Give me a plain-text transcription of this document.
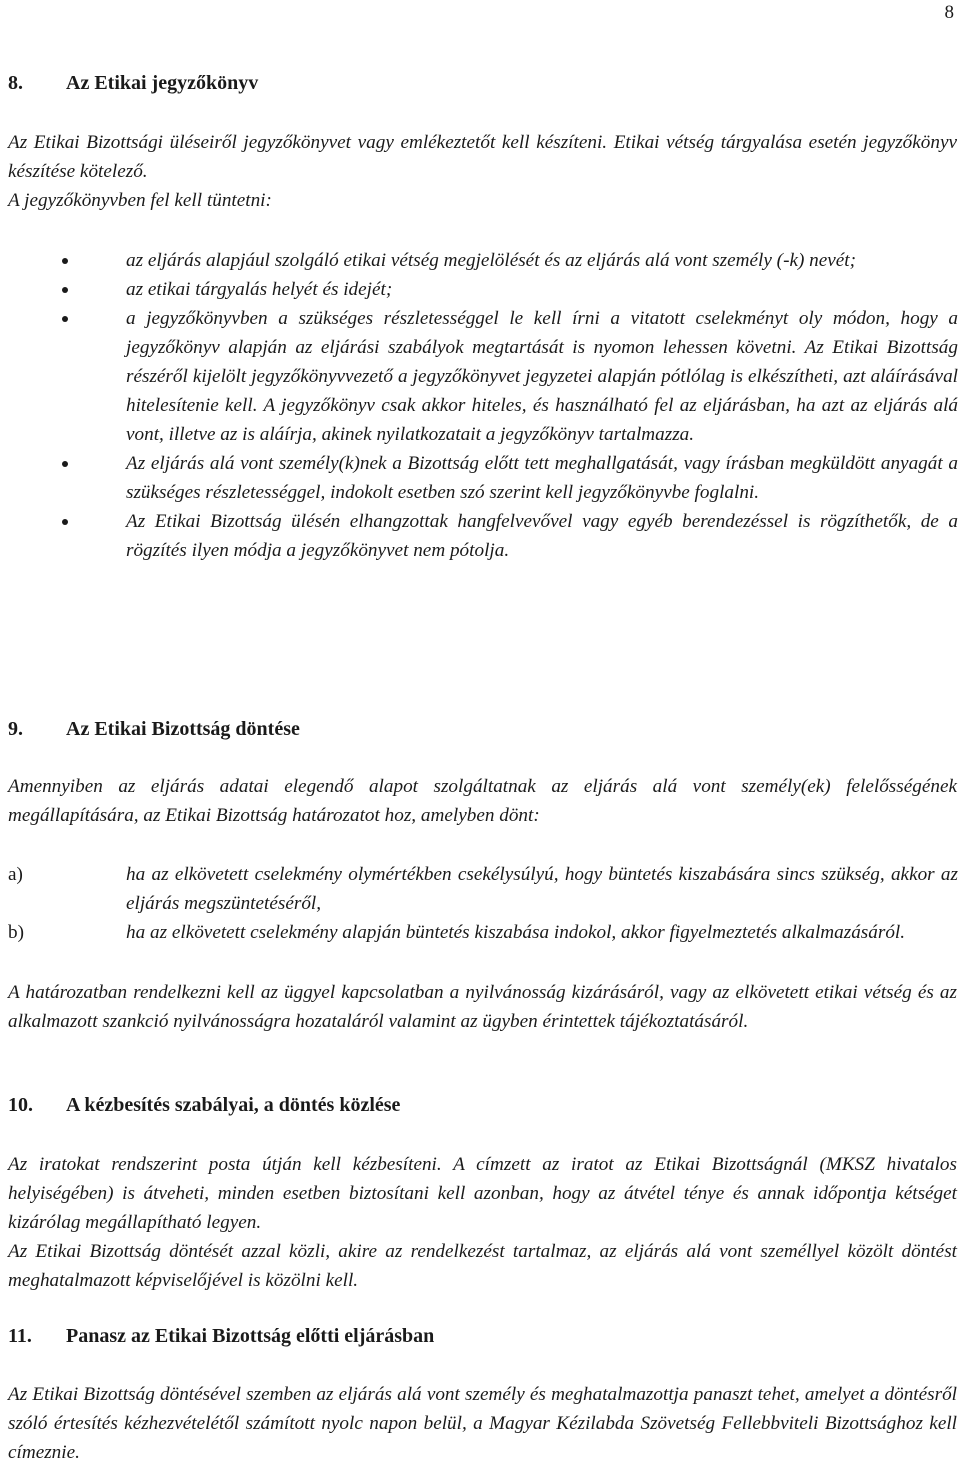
8
8. Az Etikai jegyzőkönyv

Az Etikai Bizottsági üléseiről jegyzőkönyvet vagy emlékeztetőt kell készíteni. Etikai vétség tárgyalása esetén jegyzőkönyv készítése kötelező.

A jegyzőkönyvben fel kell tüntetni:

az eljárás alapjául szolgáló etikai vétség megjelölését és az eljárás alá vont személy (-k) nevét;
az etikai tárgyalás helyét és idejét;
a jegyzőkönyvben a szükséges részletességgel le kell írni a vitatott cselekményt oly módon, hogy a jegyzőkönyv alapján az eljárási szabályok megtartását is nyomon lehessen követni. Az Etikai Bizottság részéről kijelölt jegyzőkönyvvezető a jegyzőkönyvet jegyzetei alapján pótlólag is elkészítheti, azt aláírásával hitelesítenie kell. A jegyzőkönyv csak akkor hiteles, és használható fel az eljárásban, ha azt az eljárás alá vont, illetve az is aláírja, akinek nyilatkozatait a jegyzőkönyv tartalmazza.
Az eljárás alá vont személy(k)nek a Bizottság előtt tett meghallgatását, vagy írásban megküldött anyagát a szükséges részletességgel, indokolt esetben szó szerint kell jegyzőkönyvbe foglalni.
Az Etikai Bizottság ülésén elhangzottak hangfelvevővel vagy egyéb berendezéssel is rögzíthetők, de a rögzítés ilyen módja a jegyzőkönyvet nem pótolja.
9. Az Etikai Bizottság döntése

Amennyiben az eljárás adatai elegendő alapot szolgáltatnak az eljárás alá vont személy(ek) felelősségének megállapítására, az Etikai Bizottság határozatot hoz, amelyben dönt:

a)	ha az elkövetett cselekmény olymértékben csekélysúlyú, hogy büntetés kiszabására sincs szükség, akkor az eljárás megszüntetéséről,
b)	ha az elkövetett cselekmény alapján büntetés kiszabása indokol, akkor figyelmeztetés alkalmazásáról.

A határozatban rendelkezni kell az üggyel kapcsolatban a nyilvánosság kizárásáról, vagy az elkövetett etikai vétség és az alkalmazott szankció nyilvánosságra hozataláról valamint az ügyben érintettek tájékoztatásáról.

10. A kézbesítés szabályai, a döntés közlése

Az iratokat rendszerint posta útján kell kézbesíteni. A címzett az iratot az Etikai Bizottságnál (MKSZ hivatalos helyiségében) is átveheti, minden esetben biztosítani kell azonban, hogy az átvétel ténye és annak időpontja kétséget kizárólag megállapítható legyen.

Az Etikai Bizottság döntését azzal közli, akire az rendelkezést tartalmaz, az eljárás alá vont személlyel közölt döntést meghatalmazott képviselőjével is közölni kell.

11. Panasz az Etikai Bizottság előtti eljárásban

Az Etikai Bizottság döntésével szemben az eljárás alá vont személy és meghatalmazottja panaszt tehet, amelyet a döntésről szóló értesítés kézhezvételétől számított nyolc napon belül, a Magyar Kézilabda Szövetség Fellebbviteli Bizottsághoz kell címeznie.
